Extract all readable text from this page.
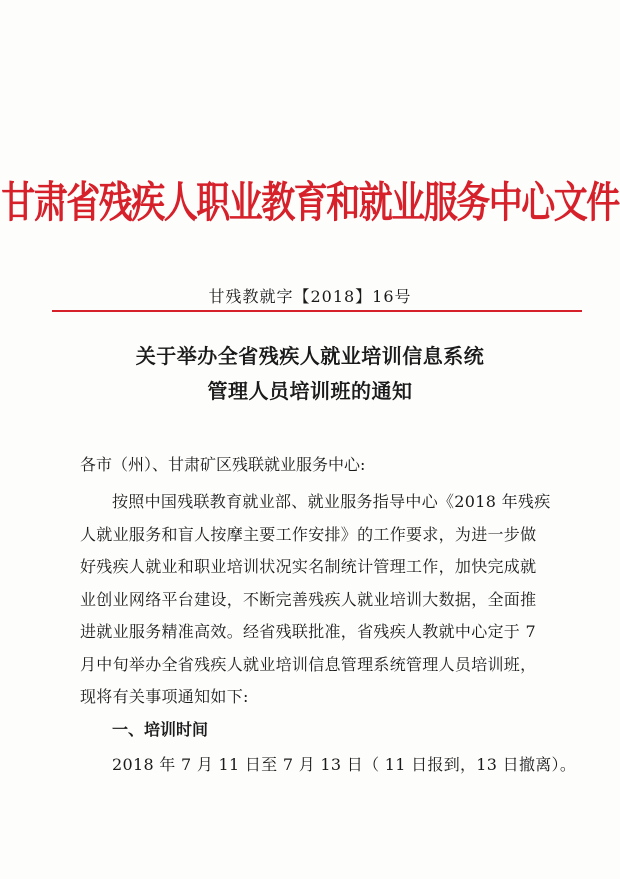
甘肃省残疾人职业教育和就业服务中心文件
甘残教就字【2018】16号
关于举办全省残疾人就业培训信息系统
管理人员培训班的通知
各市（州）、甘肃矿区残联就业服务中心:
按照中国残联教育就业部、就业服务指导中心《2018 年残疾
人就业服务和盲人按摩主要工作安排》的工作要求，为进一步做
好残疾人就业和职业培训状况实名制统计管理工作，加快完成就
业创业网络平台建设，不断完善残疾人就业培训大数据，全面推
进就业服务精准高效。经省残联批准，省残疾人教就中心定于 7
月中旬举办全省残疾人就业培训信息管理系统管理人员培训班，
现将有关事项通知如下:
一、培训时间
2018 年 7 月 11 日至 7 月 13 日（ 11 日报到，13 日撤离）。
